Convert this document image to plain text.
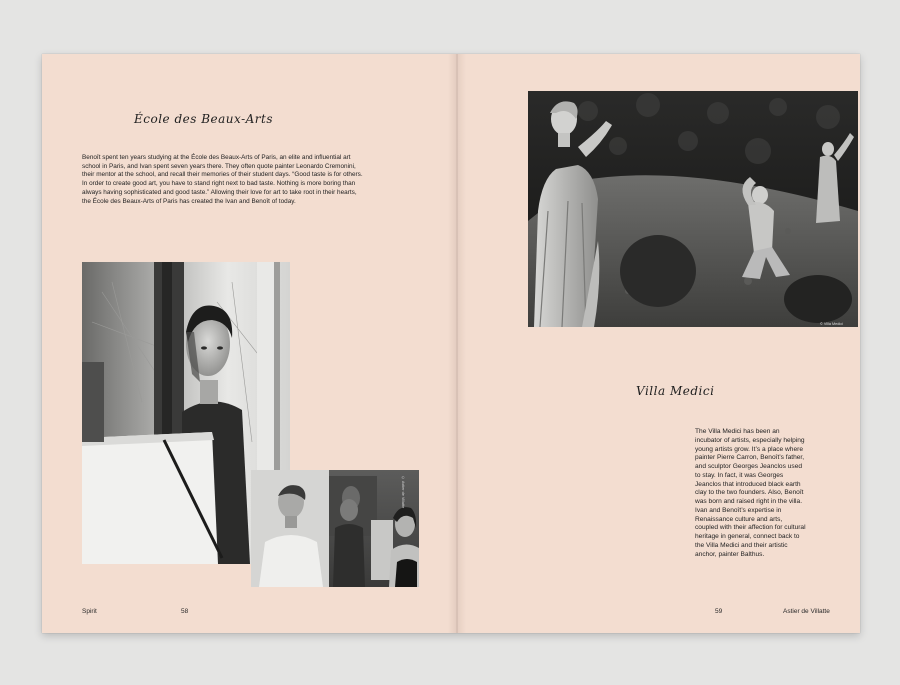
École des Beaux-Arts
Benoît spent ten years studying at the École des Beaux-Arts of Paris, an elite and influential art school in Paris, and Ivan spent seven years there. They often quote painter Leonardo Cremonini, their mentor at the school, and recall their memories of their student days. “Good taste is for others. In order to create good art, you have to stand right next to bad taste. Nothing is more boring than always having sophisticated and good taste.” Allowing their love for art to take root in their hearts, the École des Beaux-Arts of Paris has created the Ivan and Benoît of today.
© Astier de Villatte
Spirit	58
© Villa Medici
Villa Medici
The Villa Medici has been an incubator of artists, especially helping young artists grow. It’s a place where painter Pierre Carron, Benoît’s father, and sculptor Georges Jeanclos used to stay. In fact, it was Georges Jeanclos that introduced black earth clay to the two founders. Also, Benoît was born and raised right in the villa. Ivan and Benoît’s expertise in Renaissance culture and arts, coupled with their affection for cultural heritage in general, connect back to the Villa Medici and their artistic anchor, painter Balthus.
59	Astier de Villatte
